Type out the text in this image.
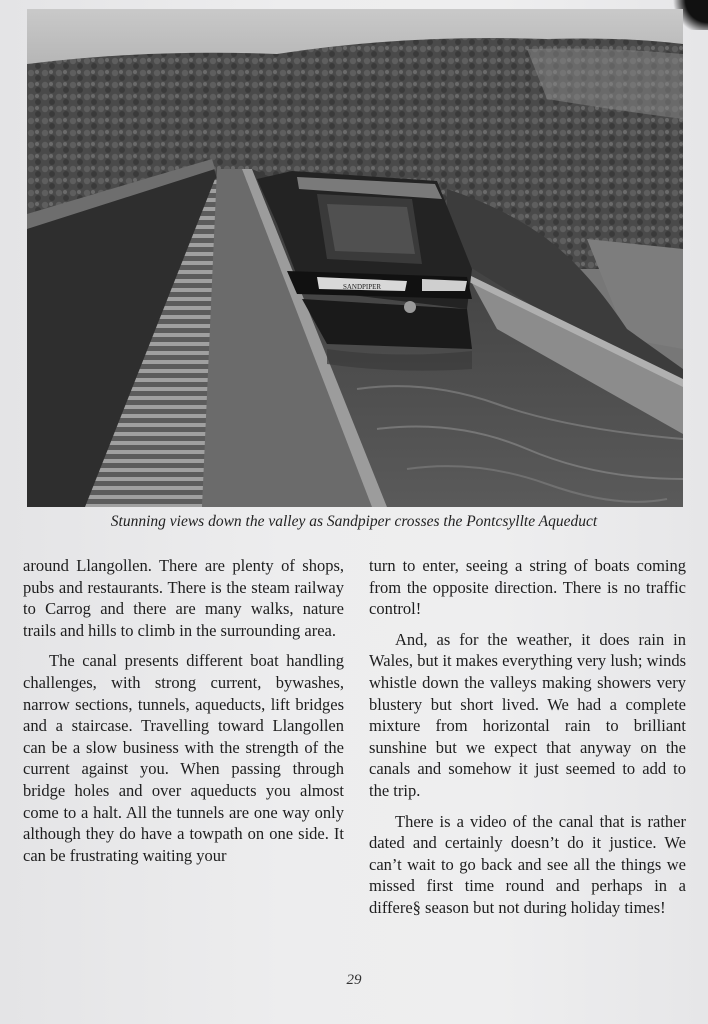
SANDPIPER
Stunning views down the valley as Sandpiper crosses the Pontcsyllte Aqueduct

around Llangollen. There are plenty of shops, pubs and restaurants. There is the steam railway to Carrog and there are many walks, nature trails and hills to climb in the surrounding area.

The canal presents different boat handling challenges, with strong current, bywashes, narrow sections, tunnels, aqueducts, lift bridges and a staircase. Travelling toward Llangollen can be a slow business with the strength of the current against you. When passing through bridge holes and over aqueducts you almost come to a halt. All the tunnels are one way only although they do have a towpath on one side. It can be frustrating waiting your

turn to enter, seeing a string of boats coming from the opposite direction. There is no traffic control!

And, as for the weather, it does rain in Wales, but it makes everything very lush; winds whistle down the valleys making showers very blustery but short lived. We had a complete mixture from horizontal rain to brilliant sunshine but we expect that anyway on the canals and somehow it just seemed to add to the trip.

There is a video of the canal that is rather dated and certainly doesn’t do it justice. We can’t wait to go back and see all the things we missed first time round and perhaps in a differe§ season but not during holiday times!

29
